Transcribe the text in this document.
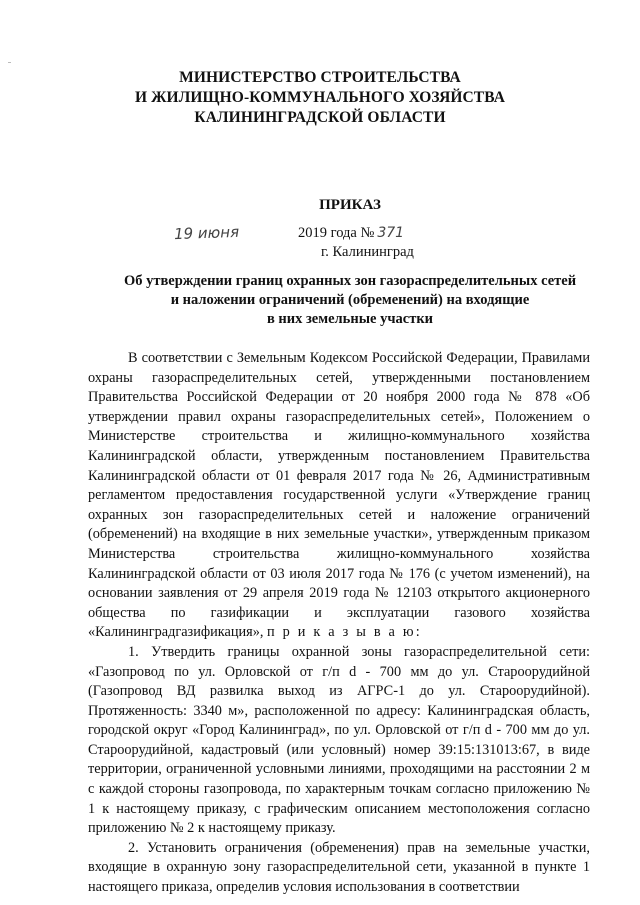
МИНИСТЕРСТВО СТРОИТЕЛЬСТВА
И ЖИЛИЩНО-КОММУНАЛЬНОГО ХОЗЯЙСТВА
КАЛИНИНГРАДСКОЙ ОБЛАСТИ
ПРИКАЗ
19 июня	2019 года № 371
г. Калининград
Об утверждении границ охранных зон газораспределительных сетей
и наложении ограничений (обременений) на входящие
в них земельные участки

В соответствии с Земельным Кодексом Российской Федерации, Правилами охраны газораспределительных сетей, утвержденными постановлением Правительства Российской Федерации от 20 ноября 2000 года № 878 «Об утверждении правил охраны газораспределительных сетей», Положением о Министерстве строительства и жилищно-коммунального хозяйства Калининградской области, утвержденным постановлением Правительства Калининградской области от 01 февраля 2017 года № 26, Административным регламентом предоставления государственной услуги «Утверждение границ охранных зон газораспределительных сетей и наложение ограничений (обременений) на входящие в них земельные участки», утвержденным приказом Министерства строительства жилищно-коммунального хозяйства Калининградской области от 03 июля 2017 года № 176 (с учетом изменений), на основании заявления от 29 апреля 2019 года № 12103 открытого акционерного общества по газификации и эксплуатации газового хозяйства «Калининградгазификация», п р и к а з ы в а ю:

1. Утвердить границы охранной зоны газораспределительной сети: «Газопровод по ул. Орловской от г/п d - 700 мм до ул. Староорудийной (Газопровод ВД развилка выход из АГРС-1 до ул. Староорудийной). Протяженность: 3340 м», расположенной по адресу: Калининградская область, городской округ «Город Калининград», по ул. Орловской от г/п d - 700 мм до ул. Староорудийной, кадастровый (или условный) номер 39:15:131013:67, в виде территории, ограниченной условными линиями, проходящими на расстоянии 2 м с каждой стороны газопровода, по характерным точкам согласно приложению № 1 к настоящему приказу, с графическим описанием местоположения согласно приложению № 2 к настоящему приказу.

2. Установить ограничения (обременения) прав на земельные участки, входящие в охранную зону газораспределительной сети, указанной в пункте 1 настоящего приказа, определив условия использования в соответствии
